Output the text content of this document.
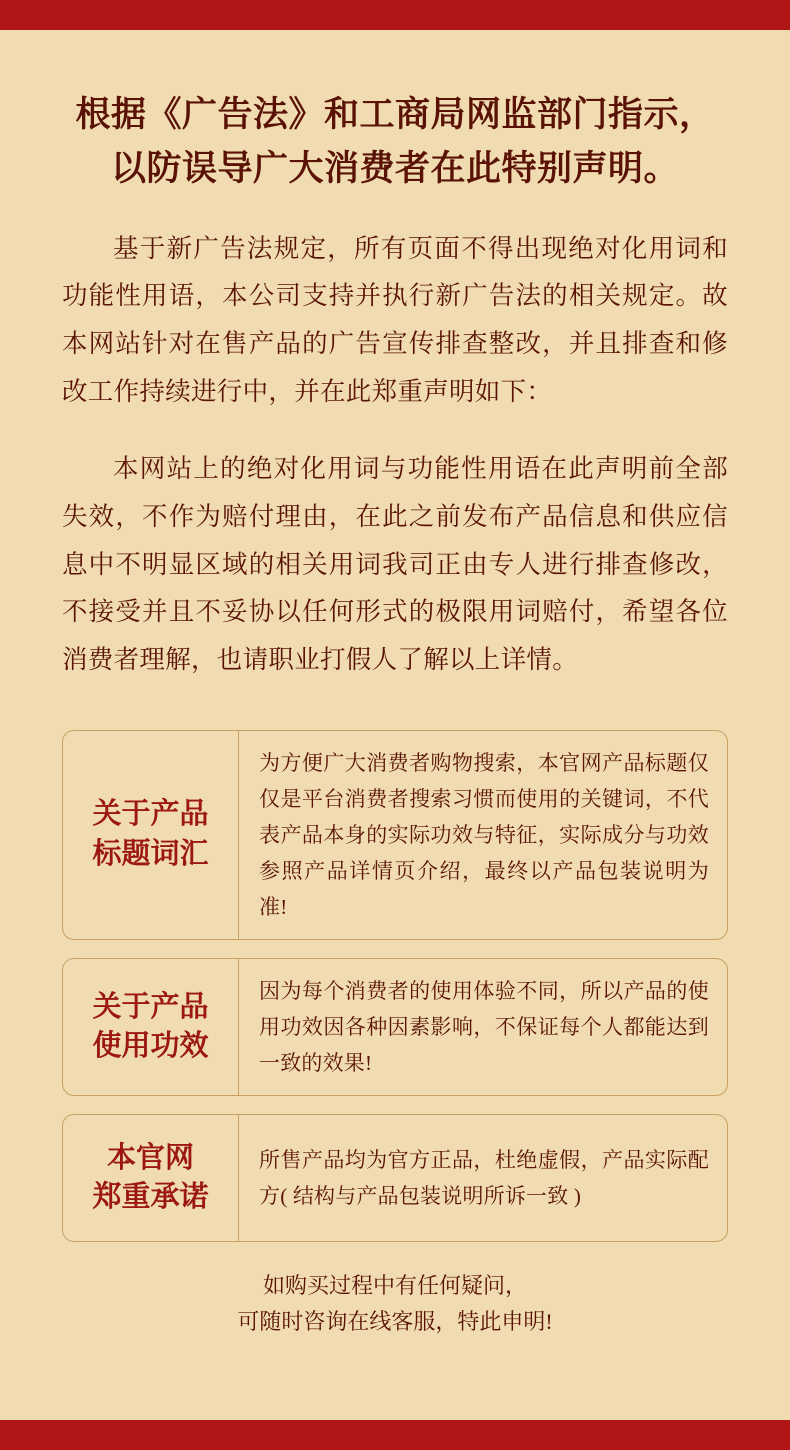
根据《广告法》和工商局网监部门指示，
以防误导广大消费者在此特别声明。

基于新广告法规定，所有页面不得出现绝对化用词和功能性用语，本公司支持并执行新广告法的相关规定。故本网站针对在售产品的广告宣传排查整改，并且排查和修改工作持续进行中，并在此郑重声明如下：

本网站上的绝对化用词与功能性用语在此声明前全部失效，不作为赔付理由，在此之前发布产品信息和供应信息中不明显区域的相关用词我司正由专人进行排查修改，不接受并且不妥协以任何形式的极限用词赔付，希望各位消费者理解，也请职业打假人了解以上详情。

关于产品
标题词汇
为方便广大消费者购物搜索，本官网产品标题仅仅是平台消费者搜索习惯而使用的关键词，不代表产品本身的实际功效与特征，实际成分与功效参照产品详情页介绍，最终以产品包装说明为准!
关于产品
使用功效
因为每个消费者的使用体验不同，所以产品的使用功效因各种因素影响，不保证每个人都能达到一致的效果!
本官网
郑重承诺
所售产品均为官方正品，杜绝虚假，产品实际配方( 结构与产品包装说明所诉一致 )
如购买过程中有任何疑问，
可随时咨询在线客服，特此申明!
